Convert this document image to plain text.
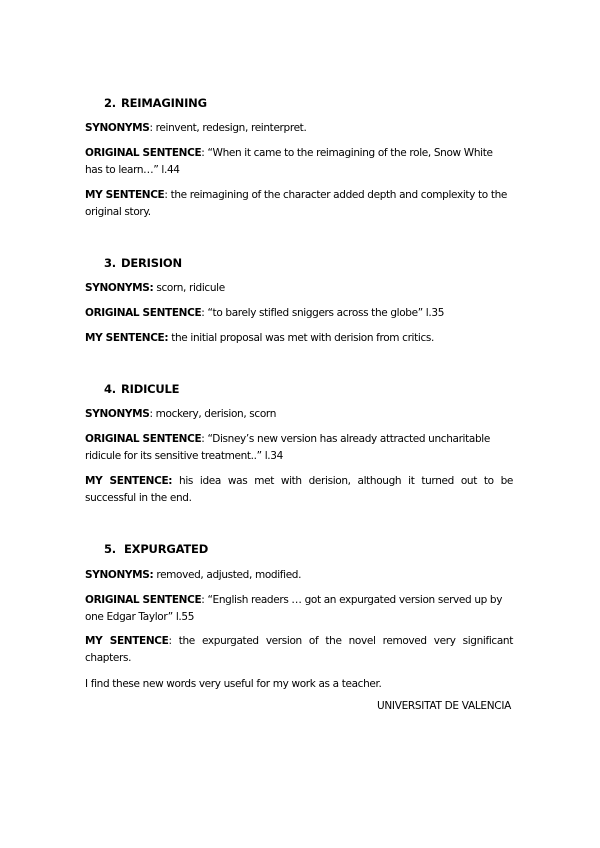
2. REIMAGINING
SYNONYMS: reinvent, redesign, reinterpret.
ORIGINAL SENTENCE: “When it came to the reimagining of the role, Snow White has to learn…” l.44
MY SENTENCE: the reimagining of the character added depth and complexity to the original story.
3. DERISION
SYNONYMS: scorn, ridicule
ORIGINAL SENTENCE: “to barely stifled sniggers across the globe” l.35
MY SENTENCE: the initial proposal was met with derision from critics.
4. RIDICULE
SYNONYMS: mockery, derision, scorn
ORIGINAL SENTENCE: “Disney’s new version has already attracted uncharitable ridicule for its sensitive treatment..” l.34
MY SENTENCE: his idea was met with derision, although it turned out to be successful in the end.
5. EXPURGATED
SYNONYMS: removed, adjusted, modified.
ORIGINAL SENTENCE: “English readers … got an expurgated version served up by one Edgar Taylor” l.55
MY SENTENCE: the expurgated version of the novel removed very significant chapters.
I find these new words very useful for my work as a teacher.
UNIVERSITAT DE VALENCIA
